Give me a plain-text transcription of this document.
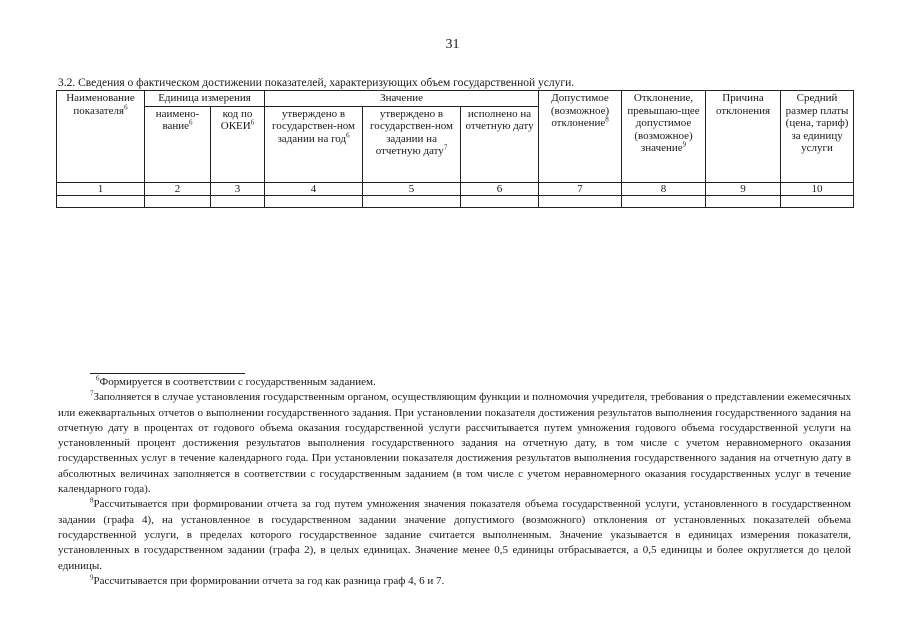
31
3.2. Сведения о фактическом достижении показателей, характеризующих объем государственной услуги.
Наименование показателя$^6$	Единица измерения		Значение			Допустимое (возможное) отклонение$^8$	Отклонение, превышаю-щее допустимое (возможное) значение$^9$	Причина отклонения	Средний размер платы (цена, тариф) за единицу услуги
	наимено-вание$^6$	код по ОКЕИ$^6$	утверждено в государствен-ном задании на год$^6$	утверждено в государствен-ном задании на отчетную дату$^7$	исполнено на отчетную дату				
1	2	3	4	5	6	7	8	9	10

$^6$Формируется в соответствии с государственным заданием.

$^7$Заполняется в случае установления государственным органом, осуществляющим функции и полномочия учредителя, требования о представлении ежемесячных или ежеквартальных отчетов о выполнении государственного задания. При установлении показателя достижения результатов выполнения государственного задания на отчетную дату в процентах от годового объема оказания государственной услуги рассчитывается путем умножения годового объема государственной услуги на установленный процент достижения результатов выполнения государственного задания на отчетную дату, в том числе с учетом неравномерного оказания государственных услуг в течение календарного года. При установлении показателя достижения результатов выполнения государственного задания на отчетную дату в абсолютных величинах заполняется в соответствии с государственным заданием (в том числе с учетом неравномерного оказания государственных услуг в течение календарного года).

$^8$Рассчитывается при формировании отчета за год путем умножения значения показателя объема государственной услуги, установленного в государственном задании (графа 4), на установленное в государственном задании значение допустимого (возможного) отклонения от установленных показателей объема государственной услуги, в пределах которого государственное задание считается выполненным. Значение указывается в единицах измерения показателя, установленных в государственном задании (графа 2), в целых единицах. Значение менее 0,5 единицы отбрасывается, а 0,5 единицы и более округляется до целой единицы.

$^9$Рассчитывается при формировании отчета за год как разница граф 4, 6 и 7.
